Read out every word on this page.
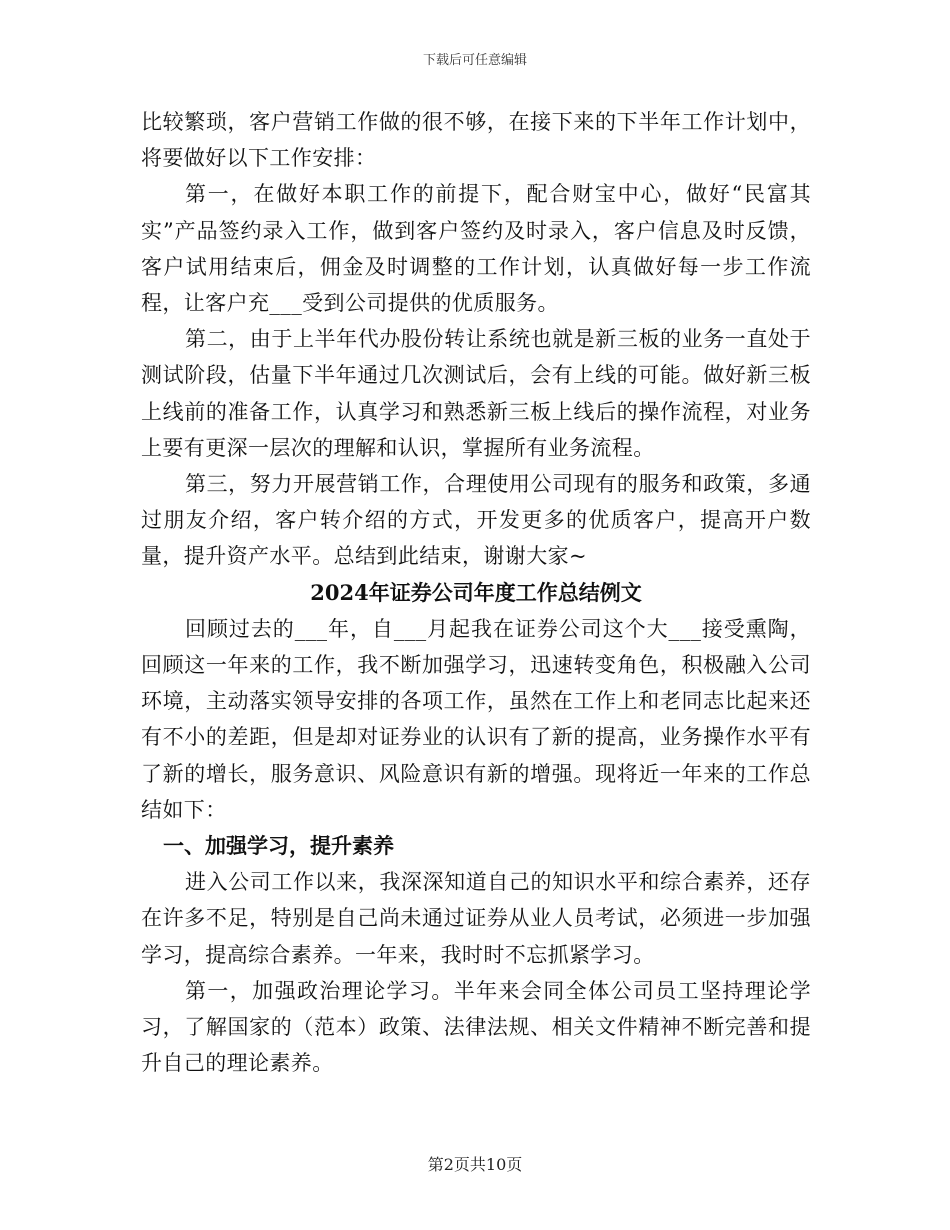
下载后可任意编辑

比较繁琐，客户营销工作做的很不够，在接下来的下半年工作计划中，将要做好以下工作安排：

第一，在做好本职工作的前提下，配合财宝中心，做好“民富其实”产品签约录入工作，做到客户签约及时录入，客户信息及时反馈，客户试用结束后，佣金及时调整的工作计划，认真做好每一步工作流程，让客户充___受到公司提供的优质服务。

第二，由于上半年代办股份转让系统也就是新三板的业务一直处于测试阶段，估量下半年通过几次测试后，会有上线的可能。做好新三板上线前的准备工作，认真学习和熟悉新三板上线后的操作流程，对业务上要有更深一层次的理解和认识，掌握所有业务流程。

第三，努力开展营销工作，合理使用公司现有的服务和政策，多通过朋友介绍，客户转介绍的方式，开发更多的优质客户，提高开户数量，提升资产水平。总结到此结束，谢谢大家~

2024年证券公司年度工作总结例文

回顾过去的___年，自___月起我在证券公司这个大___接受熏陶，回顾这一年来的工作，我不断加强学习，迅速转变角色，积极融入公司环境，主动落实领导安排的各项工作，虽然在工作上和老同志比起来还有不小的差距，但是却对证券业的认识有了新的提高，业务操作水平有了新的增长，服务意识、风险意识有新的增强。现将近一年来的工作总结如下：

一、加强学习，提升素养

进入公司工作以来，我深深知道自己的知识水平和综合素养，还存在许多不足，特别是自己尚未通过证券从业人员考试，必须进一步加强学习，提高综合素养。一年来，我时时不忘抓紧学习。

第一，加强政治理论学习。半年来会同全体公司员工坚持理论学习，了解国家的（范本）政策、法律法规、相关文件精神不断完善和提升自己的理论素养。

第2页共10页
